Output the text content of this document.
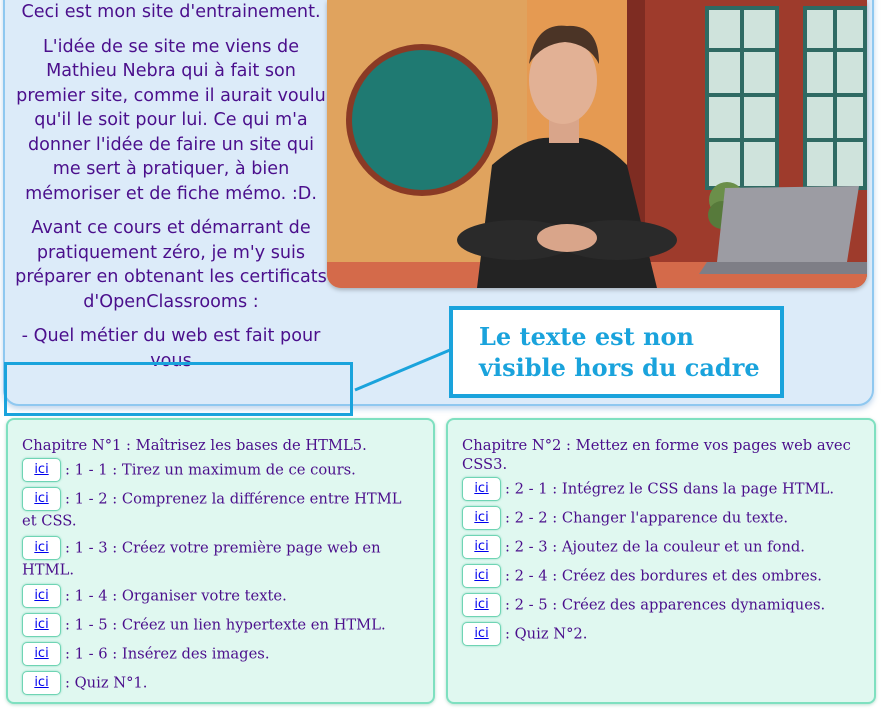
Ceci est mon site d'entrainement.

L'idée de se site me viens de Mathieu Nebra qui à fait son premier site, comme il aurait voulu qu'il le soit pour lui. Ce qui m'a donner l'idée de faire un site qui me sert à pratiquer, à bien mémoriser et de fiche mémo. :D.

Avant ce cours et démarrant de pratiquement zéro, je m'y suis préparer en obtenant les certificats d'OpenClassrooms :

- Quel métier du web est fait pour vous

Le texte est non
visible hors du cadre
Chapitre N°1 : Maîtrisez les bases de HTML5.
ici : 1 - 1 : Tirez un maximum de ce cours.
ici : 1 - 2 : Comprenez la différence entre HTML et CSS.
ici : 1 - 3 : Créez votre première page web en HTML.
ici : 1 - 4 : Organiser votre texte.
ici : 1 - 5 : Créez un lien hypertexte en HTML.
ici : 1 - 6 : Insérez des images.
ici : Quiz N°1.
Chapitre N°2 : Mettez en forme vos pages web avec CSS3.
ici : 2 - 1 : Intégrez le CSS dans la page HTML.
ici : 2 - 2 : Changer l'apparence du texte.
ici : 2 - 3 : Ajoutez de la couleur et un fond.
ici : 2 - 4 : Créez des bordures et des ombres.
ici : 2 - 5 : Créez des apparences dynamiques.
ici : Quiz N°2.
